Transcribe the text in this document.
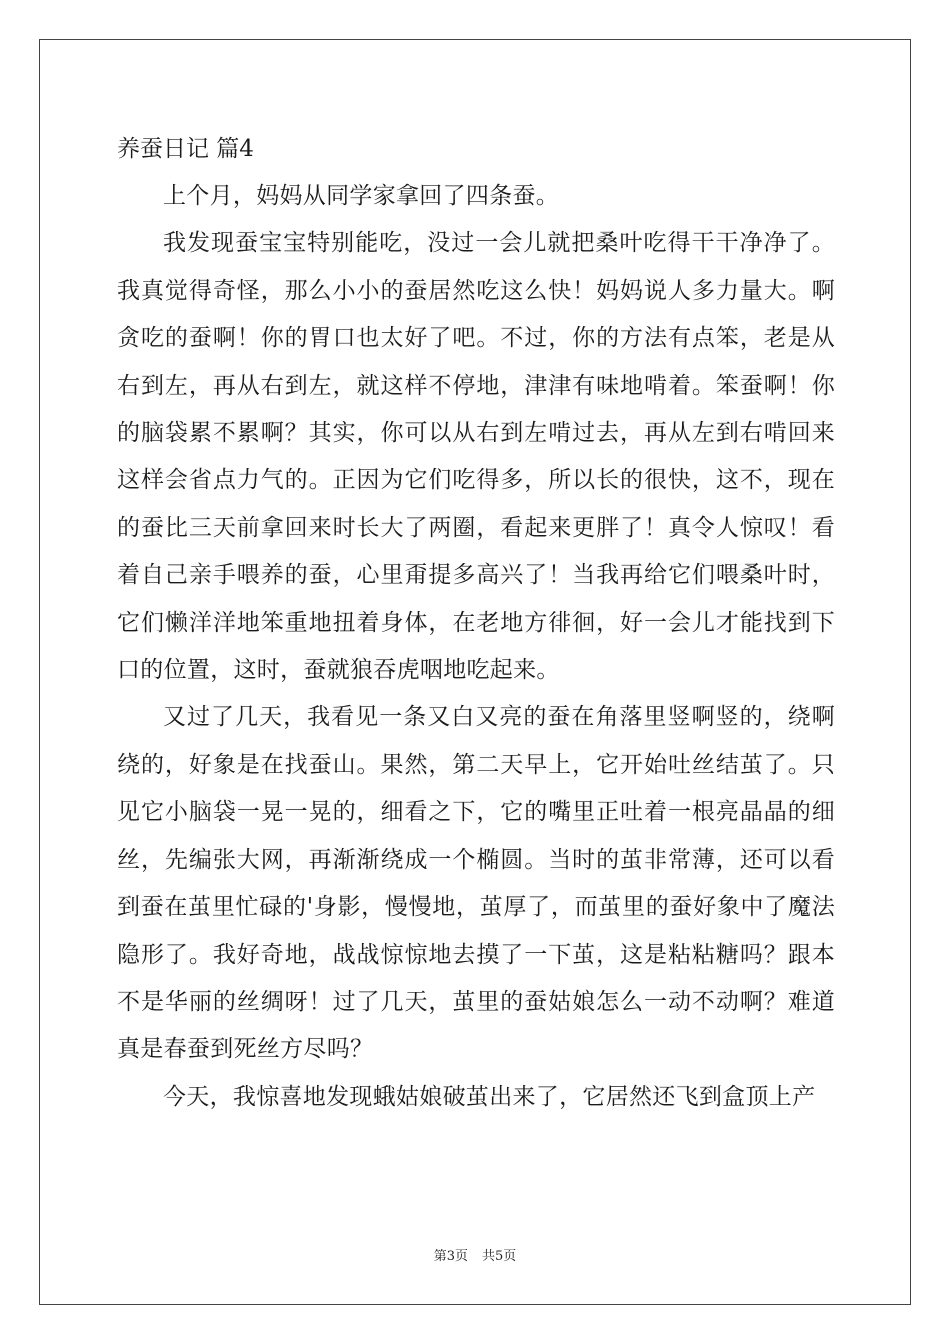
养蚕日记 篇4

上个月，妈妈从同学家拿回了四条蚕。

我发现蚕宝宝特别能吃，没过一会儿就把桑叶吃得干干净净了。我真觉得奇怪，那么小小的蚕居然吃这么快！妈妈说人多力量大。啊贪吃的蚕啊！你的胃口也太好了吧。不过，你的方法有点笨，老是从右到左，再从右到左，就这样不停地，津津有味地啃着。笨蚕啊！你的脑袋累不累啊？其实，你可以从右到左啃过去，再从左到右啃回来这样会省点力气的。正因为它们吃得多，所以长的很快，这不，现在的蚕比三天前拿回来时长大了两圈，看起来更胖了！真令人惊叹！看着自己亲手喂养的蚕，心里甭提多高兴了！当我再给它们喂桑叶时，它们懒洋洋地笨重地扭着身体，在老地方徘徊，好一会儿才能找到下口的位置，这时，蚕就狼吞虎咽地吃起来。

又过了几天，我看见一条又白又亮的蚕在角落里竖啊竖的，绕啊绕的，好象是在找蚕山。果然，第二天早上，它开始吐丝结茧了。只见它小脑袋一晃一晃的，细看之下，它的嘴里正吐着一根亮晶晶的细丝，先编张大网，再渐渐绕成一个椭圆。当时的茧非常薄，还可以看到蚕在茧里忙碌的'身影，慢慢地，茧厚了，而茧里的蚕好象中了魔法隐形了。我好奇地，战战惊惊地去摸了一下茧，这是粘粘糖吗？跟本不是华丽的丝绸呀！过了几天，茧里的蚕姑娘怎么一动不动啊？难道真是春蚕到死丝方尽吗？

今天，我惊喜地发现蛾姑娘破茧出来了，它居然还飞到盒顶上产

第3页 共5页
